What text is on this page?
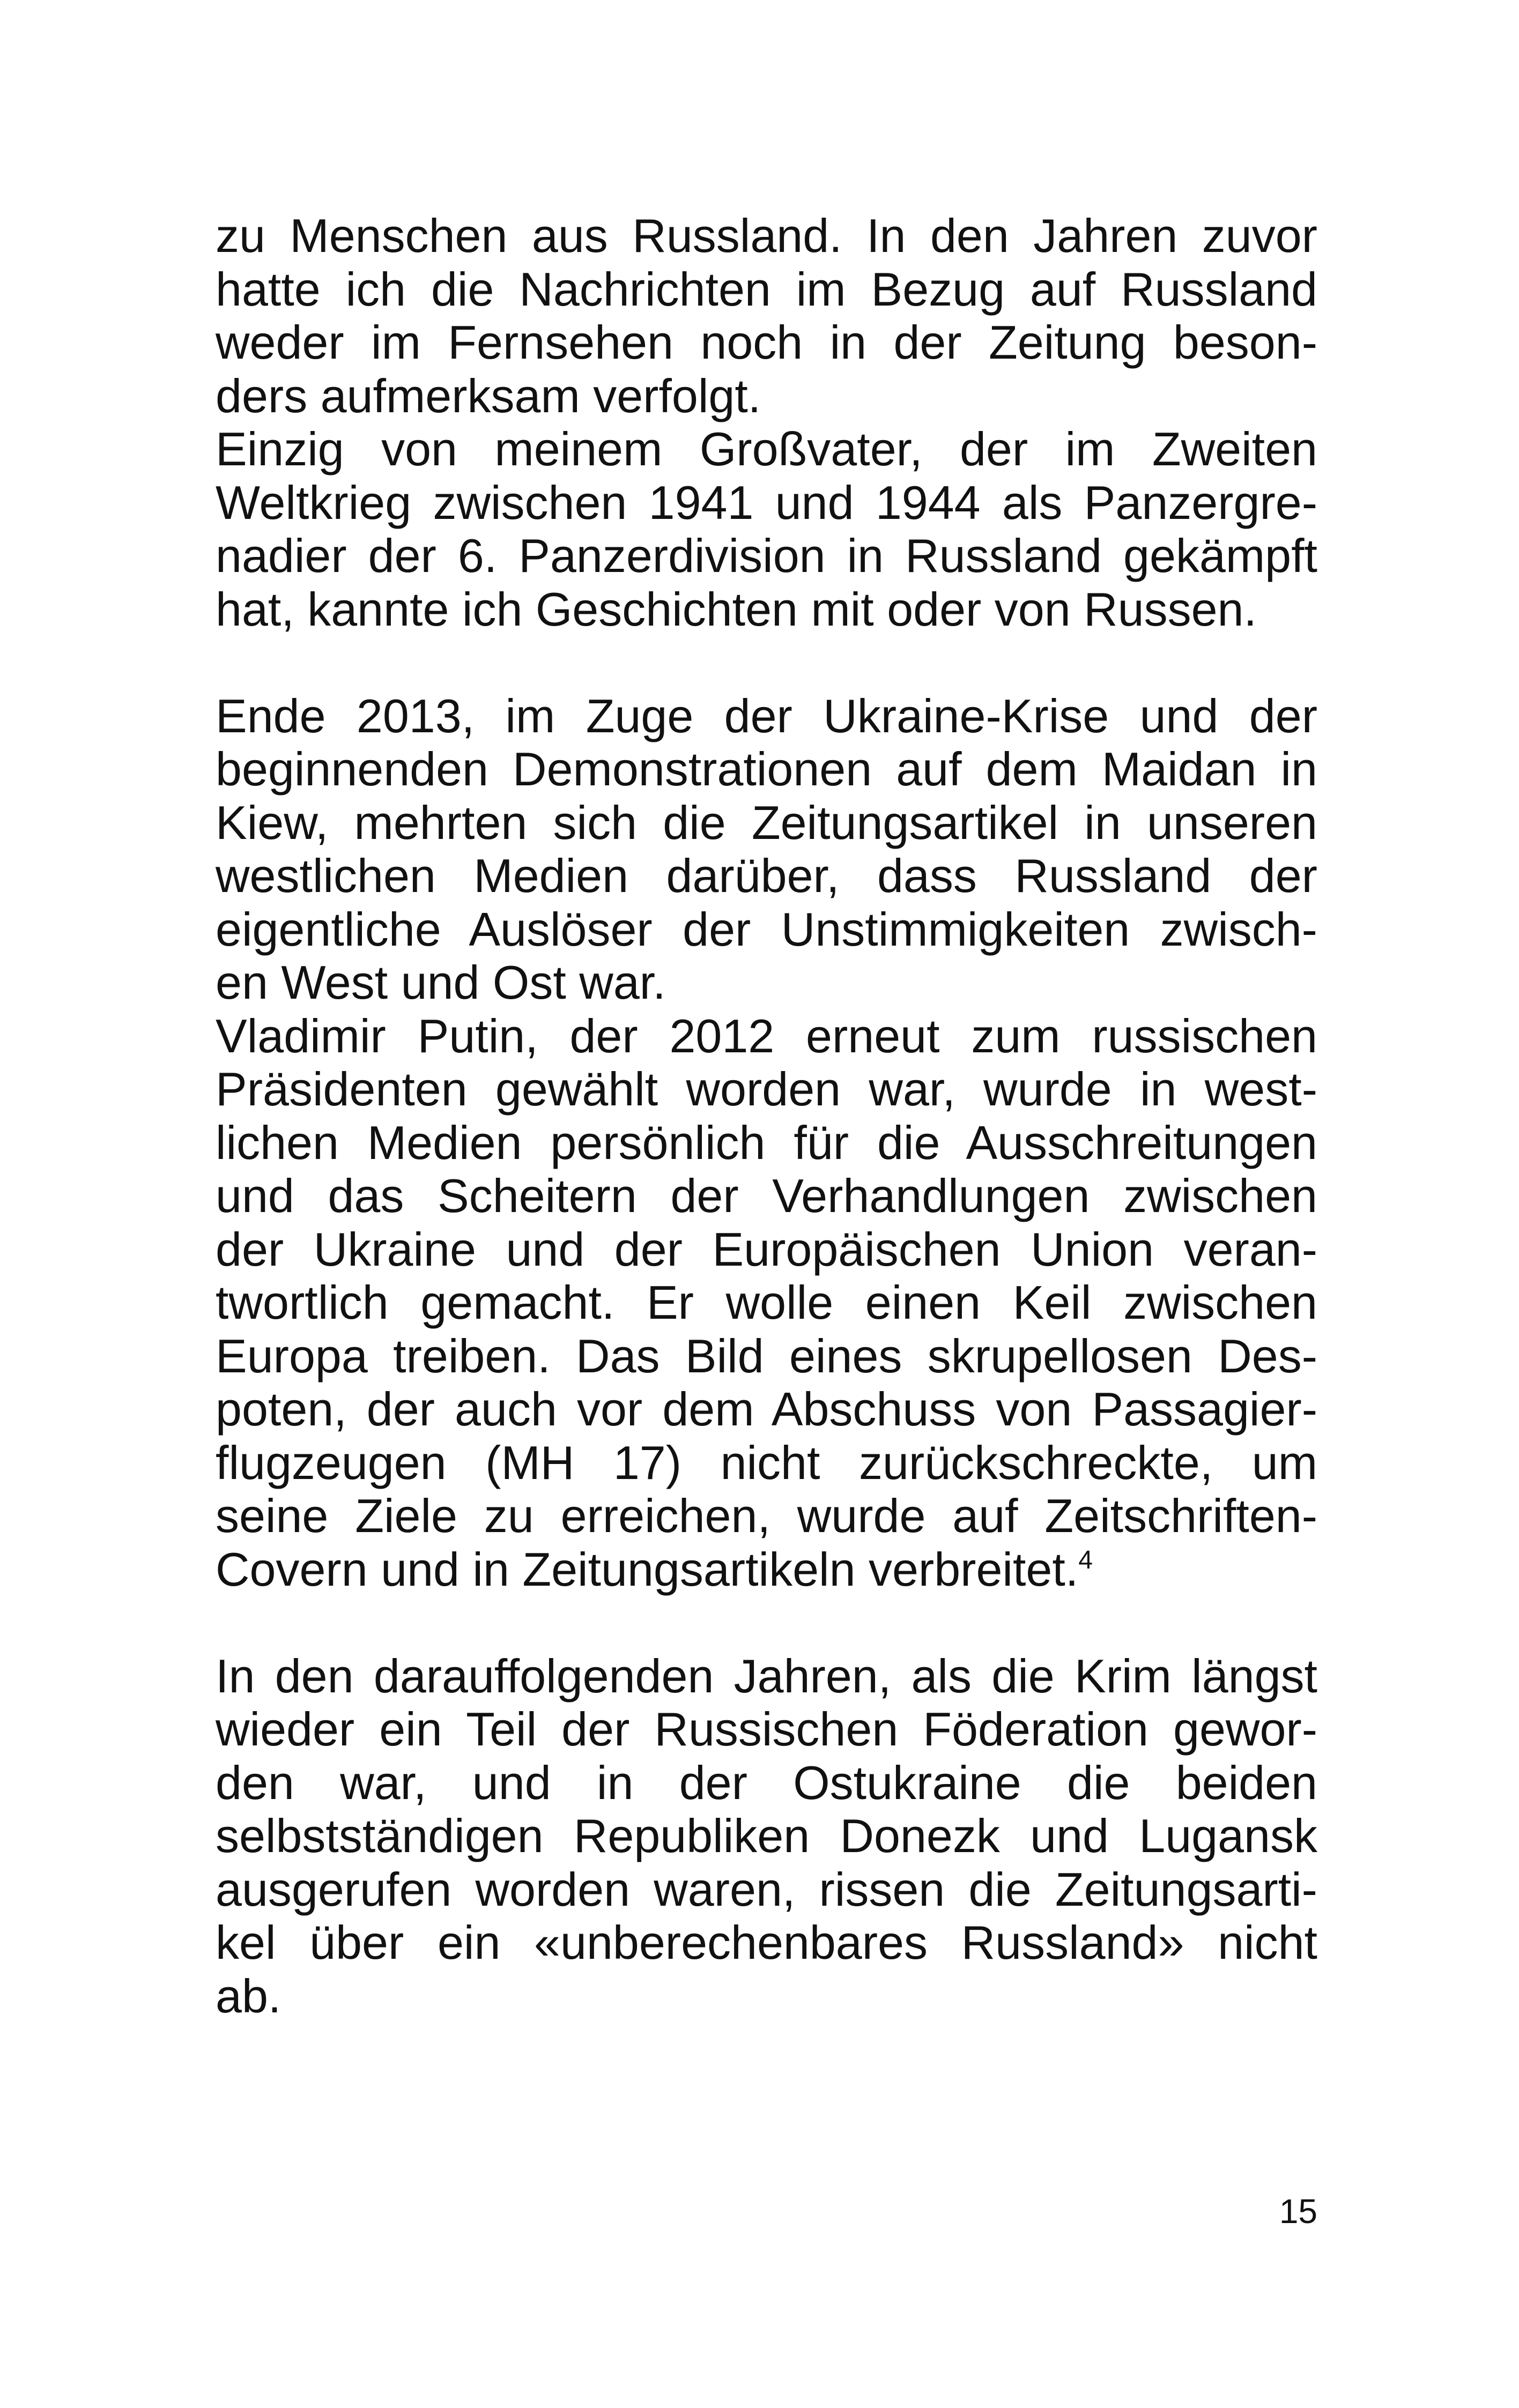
zu Menschen aus Russland. In den Jahren zuvor
hatte ich die Nachrichten im Bezug auf Russland
weder im Fernsehen noch in der Zeitung beson-
ders aufmerksam verfolgt.
Einzig von meinem Großvater, der im Zweiten
Weltkrieg zwischen 1941 und 1944 als Panzergre-
nadier der 6. Panzerdivision in Russland gekämpft
hat, kannte ich Geschichten mit oder von Russen.
Ende 2013, im Zuge der Ukraine-Krise und der
beginnenden Demonstrationen auf dem Maidan in
Kiew, mehrten sich die Zeitungsartikel in unseren
westlichen Medien darüber, dass Russland der
eigentliche Auslöser der Unstimmigkeiten zwisch-
en West und Ost war.
Vladimir Putin, der 2012 erneut zum russischen
Präsidenten gewählt worden war, wurde in west-
lichen Medien persönlich für die Ausschreitungen
und das Scheitern der Verhandlungen zwischen
der Ukraine und der Europäischen Union veran-
twortlich gemacht. Er wolle einen Keil zwischen
Europa treiben. Das Bild eines skrupellosen Des-
poten, der auch vor dem Abschuss von Passagier-
flugzeugen (MH 17) nicht zurückschreckte, um
seine Ziele zu erreichen, wurde auf Zeitschriften-
Covern und in Zeitungsartikeln verbreitet.$^4$
In den darauffolgenden Jahren, als die Krim längst
wieder ein Teil der Russischen Föderation gewor-
den war, und in der Ostukraine die beiden
selbstständigen Republiken Donezk und Lugansk
ausgerufen worden waren, rissen die Zeitungsarti-
kel über ein «unberechenbares Russland» nicht
ab.
15
